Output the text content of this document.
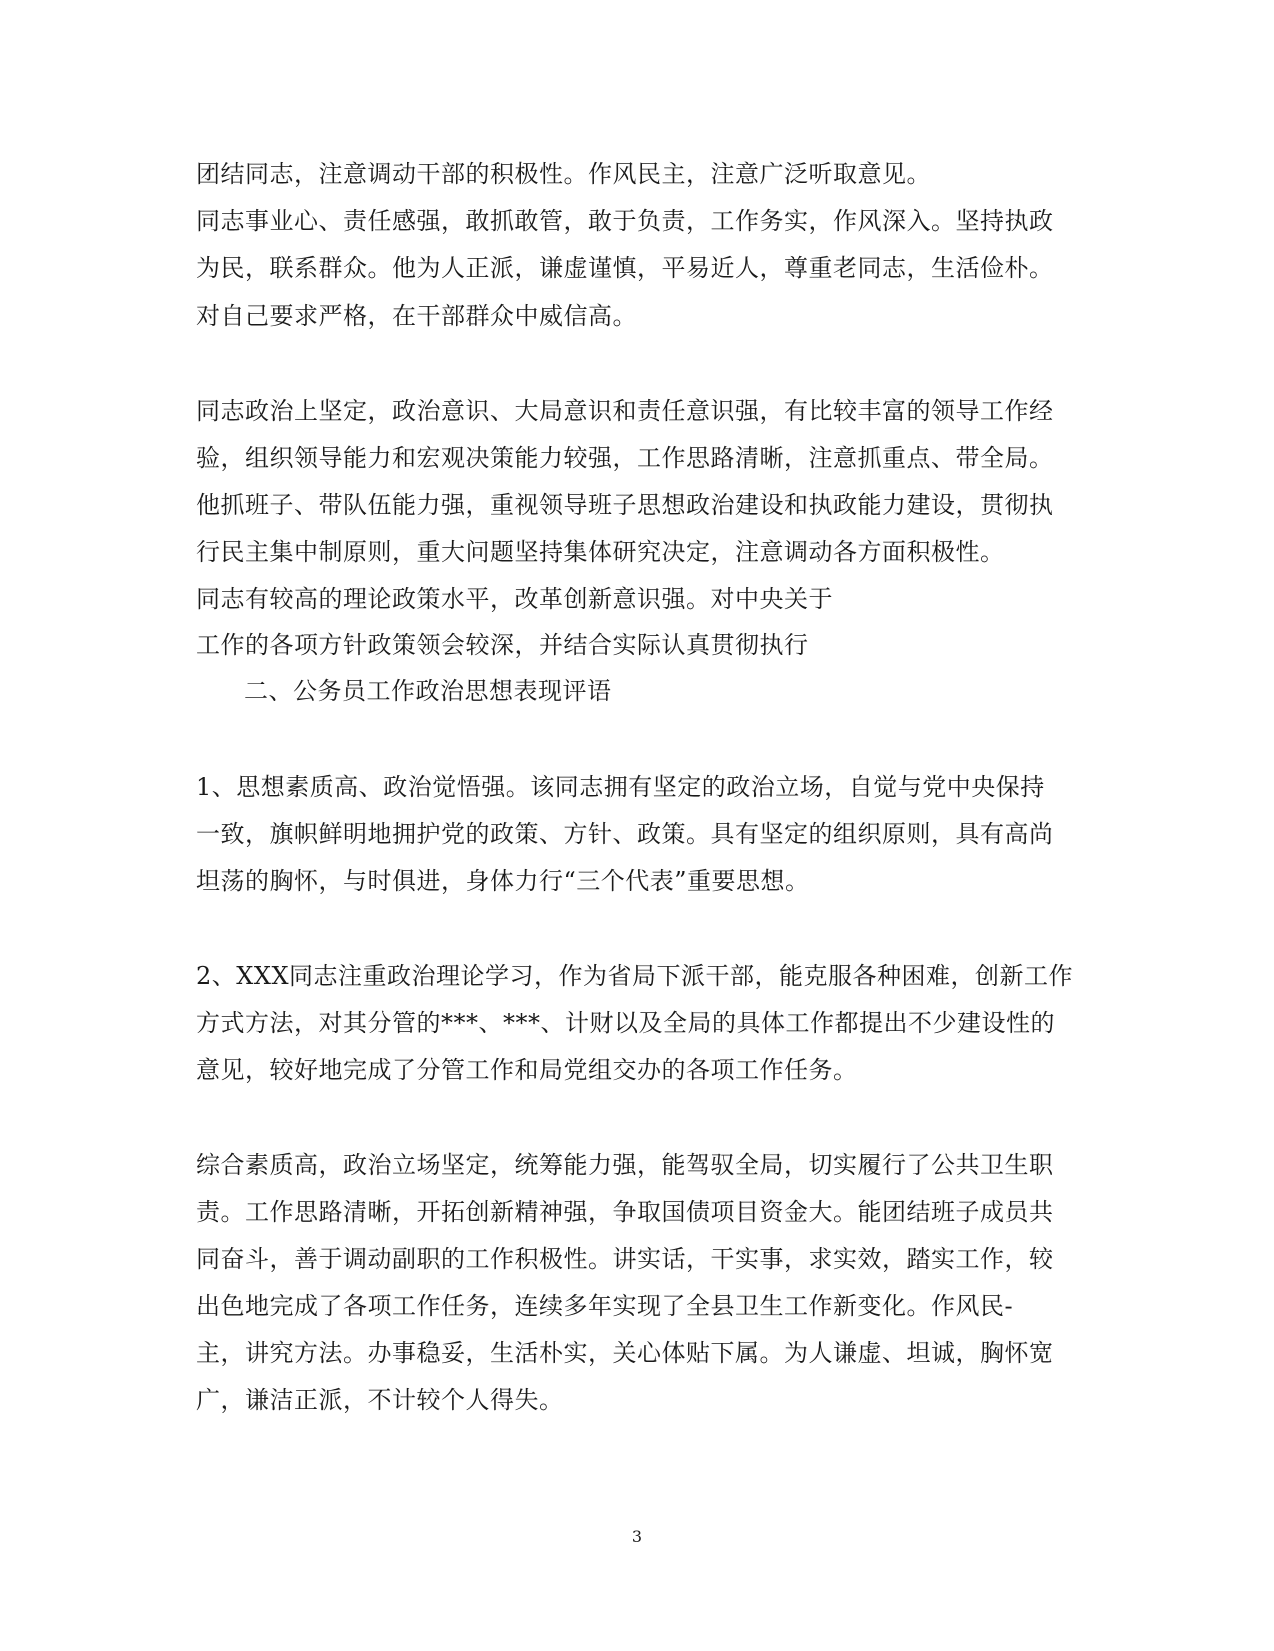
团结同志，注意调动干部的积极性。作风民主，注意广泛听取意见。
同志事业心、责任感强，敢抓敢管，敢于负责，工作务实，作风深入。坚持执政
为民，联系群众。他为人正派，谦虚谨慎，平易近人，尊重老同志，生活俭朴。
对自己要求严格，在干部群众中威信高。
同志政治上坚定，政治意识、大局意识和责任意识强，有比较丰富的领导工作经
验，组织领导能力和宏观决策能力较强，工作思路清晰，注意抓重点、带全局。
他抓班子、带队伍能力强，重视领导班子思想政治建设和执政能力建设，贯彻执
行民主集中制原则，重大问题坚持集体研究决定，注意调动各方面积极性。
同志有较高的理论政策水平，改革创新意识强。对中央关于
工作的各项方针政策领会较深，并结合实际认真贯彻执行
二、公务员工作政治思想表现评语
1、思想素质高、政治觉悟强。该同志拥有坚定的政治立场，自觉与党中央保持
一致，旗帜鲜明地拥护党的政策、方针、政策。具有坚定的组织原则，具有高尚
坦荡的胸怀，与时俱进，身体力行“三个代表”重要思想。
2、XXX同志注重政治理论学习，作为省局下派干部，能克服各种困难，创新工作
方式方法，对其分管的***、***、计财以及全局的具体工作都提出不少建设性的
意见，较好地完成了分管工作和局党组交办的各项工作任务。
综合素质高，政治立场坚定，统筹能力强，能驾驭全局，切实履行了公共卫生职
责。工作思路清晰，开拓创新精神强，争取国债项目资金大。能团结班子成员共
同奋斗，善于调动副职的工作积极性。讲实话，干实事，求实效，踏实工作，较
出色地完成了各项工作任务，连续多年实现了全县卫生工作新变化。作风民-
主，讲究方法。办事稳妥，生活朴实，关心体贴下属。为人谦虚、坦诚，胸怀宽
广，谦洁正派，不计较个人得失。
3
